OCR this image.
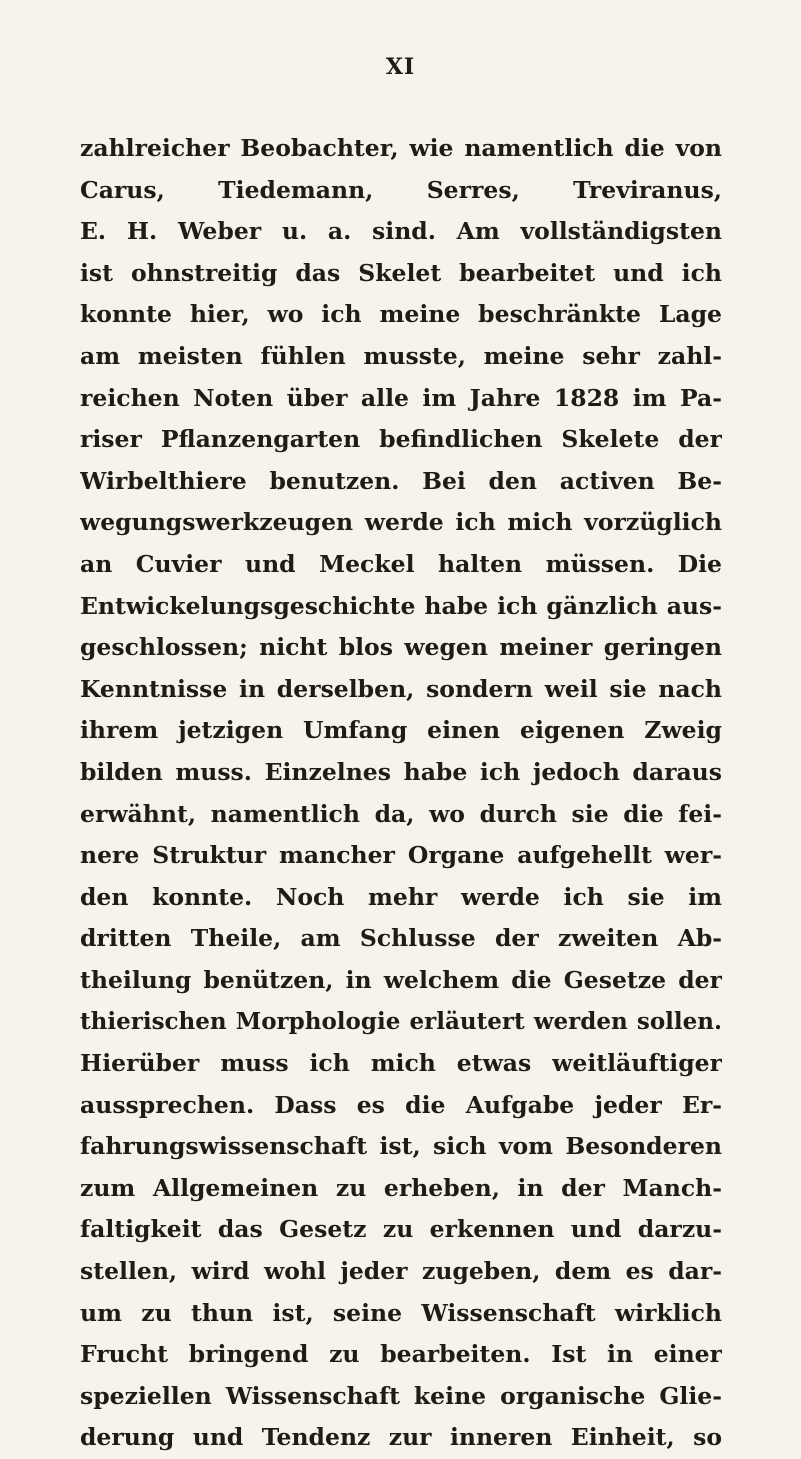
XI
zahlreicher Beobachter, wie namentlich die von
Carus, Tiedemann, Serres, Treviranus,
E. H. Weber u. a. sind. Am vollständigsten
ist ohnstreitig das Skelet bearbeitet und ich
konnte hier, wo ich meine beschränkte Lage
am meisten fühlen musste, meine sehr zahl-
reichen Noten über alle im Jahre 1828 im Pa-
riser Pflanzengarten befindlichen Skelete der
Wirbelthiere benutzen. Bei den activen Be-
wegungswerkzeugen werde ich mich vorzüglich
an Cuvier und Meckel halten müssen. Die
Entwickelungsgeschichte habe ich gänzlich aus-
geschlossen; nicht blos wegen meiner geringen
Kenntnisse in derselben, sondern weil sie nach
ihrem jetzigen Umfang einen eigenen Zweig
bilden muss. Einzelnes habe ich jedoch daraus
erwähnt, namentlich da, wo durch sie die fei-
nere Struktur mancher Organe aufgehellt wer-
den konnte. Noch mehr werde ich sie im
dritten Theile, am Schlusse der zweiten Ab-
theilung benützen, in welchem die Gesetze der
thierischen Morphologie erläutert werden sollen.
Hierüber muss ich mich etwas weitläuftiger
aussprechen. Dass es die Aufgabe jeder Er-
fahrungswissenschaft ist, sich vom Besonderen
zum Allgemeinen zu erheben, in der Manch-
faltigkeit das Gesetz zu erkennen und darzu-
stellen, wird wohl jeder zugeben, dem es dar-
um zu thun ist, seine Wissenschaft wirklich
Frucht bringend zu bearbeiten. Ist in einer
speziellen Wissenschaft keine organische Glie-
derung und Tendenz zur inneren Einheit, so
